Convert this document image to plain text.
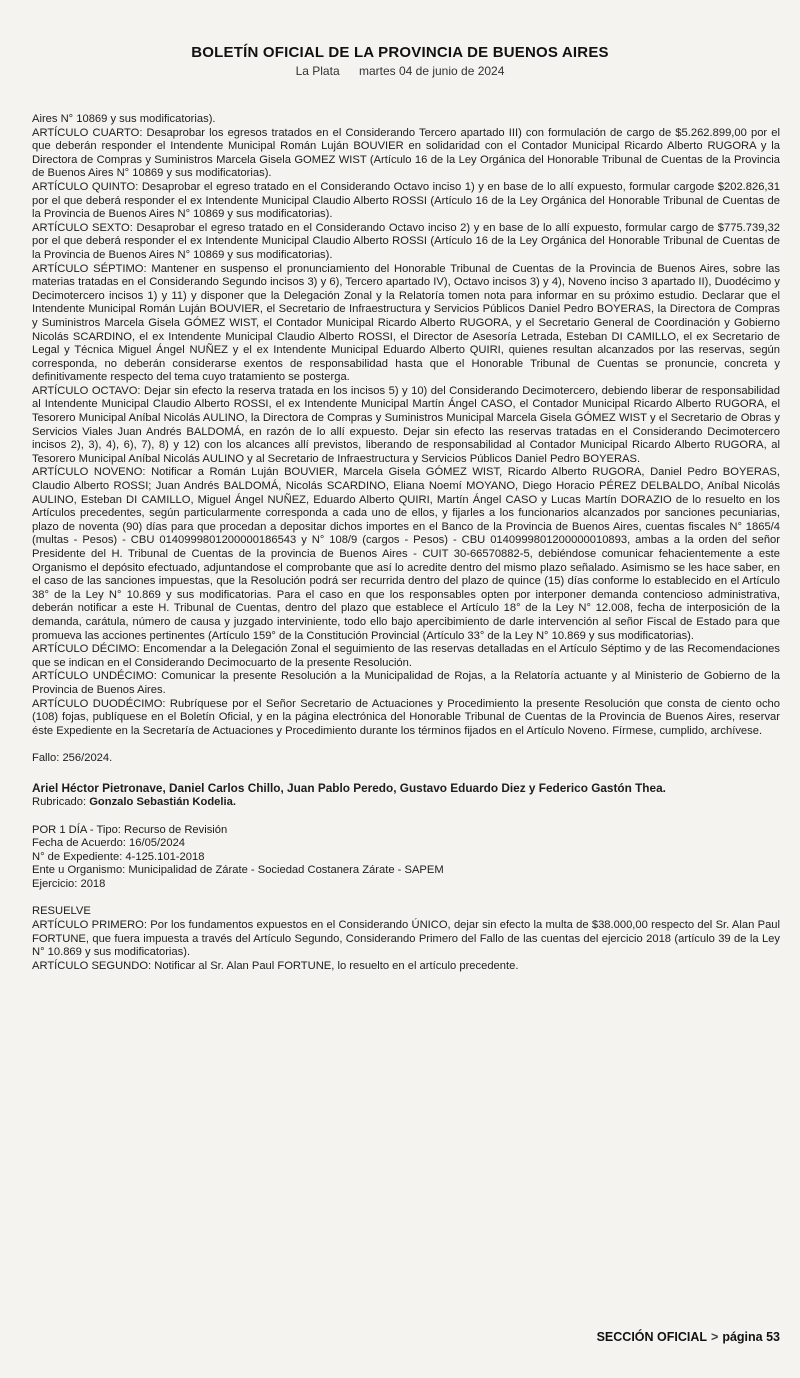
BOLETÍN OFICIAL DE LA PROVINCIA DE BUENOS AIRES
La Plata martes 04 de junio de 2024

Aires N° 10869 y sus modificatorias).

ARTÍCULO CUARTO: Desaprobar los egresos tratados en el Considerando Tercero apartado III) con formulación de cargo de $5.262.899,00 por el que deberán responder el Intendente Municipal Román Luján BOUVIER en solidaridad con el Contador Municipal Ricardo Alberto RUGORA y la Directora de Compras y Suministros Marcela Gisela GOMEZ WIST (Artículo 16 de la Ley Orgánica del Honorable Tribunal de Cuentas de la Provincia de Buenos Aires N° 10869 y sus modificatorias).

ARTÍCULO QUINTO: Desaprobar el egreso tratado en el Considerando Octavo inciso 1) y en base de lo allí expuesto, formular cargode $202.826,31 por el que deberá responder el ex Intendente Municipal Claudio Alberto ROSSI (Artículo 16 de la Ley Orgánica del Honorable Tribunal de Cuentas de la Provincia de Buenos Aires N° 10869 y sus modificatorias).

ARTÍCULO SEXTO: Desaprobar el egreso tratado en el Considerando Octavo inciso 2) y en base de lo allí expuesto, formular cargo de $775.739,32 por el que deberá responder el ex Intendente Municipal Claudio Alberto ROSSI (Artículo 16 de la Ley Orgánica del Honorable Tribunal de Cuentas de la Provincia de Buenos Aires N° 10869 y sus modificatorias).

ARTÍCULO SÉPTIMO: Mantener en suspenso el pronunciamiento del Honorable Tribunal de Cuentas de la Provincia de Buenos Aires, sobre las materias tratadas en el Considerando Segundo incisos 3) y 6), Tercero apartado IV), Octavo incisos 3) y 4), Noveno inciso 3 apartado II), Duodécimo y Decimotercero incisos 1) y 11) y disponer que la Delegación Zonal y la Relatoría tomen nota para informar en su próximo estudio. Declarar que el Intendente Municipal Román Luján BOUVIER, el Secretario de Infraestructura y Servicios Públicos Daniel Pedro BOYERAS, la Directora de Compras y Suministros Marcela Gisela GÓMEZ WIST, el Contador Municipal Ricardo Alberto RUGORA, y el Secretario General de Coordinación y Gobierno Nicolás SCARDINO, el ex Intendente Municipal Claudio Alberto ROSSI, el Director de Asesoría Letrada, Esteban DI CAMILLO, el ex Secretario de Legal y Técnica Miguel Ángel NUÑEZ y el ex Intendente Municipal Eduardo Alberto QUIRI, quienes resultan alcanzados por las reservas, según corresponda, no deberán considerarse exentos de responsabilidad hasta que el Honorable Tribunal de Cuentas se pronuncie, concreta y definitivamente respecto del tema cuyo tratamiento se posterga.

ARTÍCULO OCTAVO: Dejar sin efecto la reserva tratada en los incisos 5) y 10) del Considerando Decimotercero, debiendo liberar de responsabilidad al Intendente Municipal Claudio Alberto ROSSI, el ex Intendente Municipal Martín Ángel CASO, el Contador Municipal Ricardo Alberto RUGORA, el Tesorero Municipal Aníbal Nicolás AULINO, la Directora de Compras y Suministros Municipal Marcela Gisela GÓMEZ WIST y el Secretario de Obras y Servicios Viales Juan Andrés BALDOMÁ, en razón de lo allí expuesto. Dejar sin efecto las reservas tratadas en el Considerando Decimotercero incisos 2), 3), 4), 6), 7), 8) y 12) con los alcances allí previstos, liberando de responsabilidad al Contador Municipal Ricardo Alberto RUGORA, al Tesorero Municipal Aníbal Nicolás AULINO y al Secretario de Infraestructura y Servicios Públicos Daniel Pedro BOYERAS.

ARTÍCULO NOVENO: Notificar a Román Luján BOUVIER, Marcela Gisela GÓMEZ WIST, Ricardo Alberto RUGORA, Daniel Pedro BOYERAS, Claudio Alberto ROSSI; Juan Andrés BALDOMÁ, Nicolás SCARDINO, Eliana Noemí MOYANO, Diego Horacio PÉREZ DELBALDO, Aníbal Nicolás AULINO, Esteban DI CAMILLO, Miguel Ángel NUÑEZ, Eduardo Alberto QUIRI, Martín Ángel CASO y Lucas Martín DORAZIO de lo resuelto en los Artículos precedentes, según particularmente corresponda a cada uno de ellos, y fijarles a los funcionarios alcanzados por sanciones pecuniarias, plazo de noventa (90) días para que procedan a depositar dichos importes en el Banco de la Provincia de Buenos Aires, cuentas fiscales N° 1865/4 (multas - Pesos) - CBU 0140999801200000186543 y N° 108/9 (cargos - Pesos) - CBU 0140999801200000010893, ambas a la orden del señor Presidente del H. Tribunal de Cuentas de la provincia de Buenos Aires - CUIT 30-66570882-5, debiéndose comunicar fehacientemente a este Organismo el depósito efectuado, adjuntandose el comprobante que así lo acredite dentro del mismo plazo señalado. Asimismo se les hace saber, en el caso de las sanciones impuestas, que la Resolución podrá ser recurrida dentro del plazo de quince (15) días conforme lo establecido en el Artículo 38° de la Ley N° 10.869 y sus modificatorias. Para el caso en que los responsables opten por interponer demanda contencioso administrativa, deberán notificar a este H. Tribunal de Cuentas, dentro del plazo que establece el Artículo 18° de la Ley N° 12.008, fecha de interposición de la demanda, carátula, número de causa y juzgado interviniente, todo ello bajo apercibimiento de darle intervención al señor Fiscal de Estado para que promueva las acciones pertinentes (Artículo 159° de la Constitución Provincial (Artículo 33° de la Ley N° 10.869 y sus modificatorias).

ARTÍCULO DÉCIMO: Encomendar a la Delegación Zonal el seguimiento de las reservas detalladas en el Artículo Séptimo y de las Recomendaciones que se indican en el Considerando Decimocuarto de la presente Resolución.

ARTÍCULO UNDÉCIMO: Comunicar la presente Resolución a la Municipalidad de Rojas, a la Relatoría actuante y al Ministerio de Gobierno de la Provincia de Buenos Aires.

ARTÍCULO DUODÉCIMO: Rubríquese por el Señor Secretario de Actuaciones y Procedimiento la presente Resolución que consta de ciento ocho (108) fojas, publíquese en el Boletín Oficial, y en la página electrónica del Honorable Tribunal de Cuentas de la Provincia de Buenos Aires, reservar éste Expediente en la Secretaría de Actuaciones y Procedimiento durante los términos fijados en el Artículo Noveno. Fírmese, cumplido, archívese.

Fallo: 256/2024.

Ariel Héctor Pietronave, Daniel Carlos Chillo, Juan Pablo Peredo, Gustavo Eduardo Diez y Federico Gastón Thea.

Rubricado: Gonzalo Sebastián Kodelia.

POR 1 DÍA - Tipo: Recurso de Revisión

Fecha de Acuerdo: 16/05/2024

N° de Expediente: 4-125.101-2018

Ente u Organismo: Municipalidad de Zárate - Sociedad Costanera Zárate - SAPEM

Ejercicio: 2018

RESUELVE

ARTÍCULO PRIMERO: Por los fundamentos expuestos en el Considerando ÚNICO, dejar sin efecto la multa de $38.000,00 respecto del Sr. Alan Paul FORTUNE, que fuera impuesta a través del Artículo Segundo, Considerando Primero del Fallo de las cuentas del ejercicio 2018 (artículo 39 de la Ley N° 10.869 y sus modificatorias).

ARTÍCULO SEGUNDO: Notificar al Sr. Alan Paul FORTUNE, lo resuelto en el artículo precedente.

SECCIÓN OFICIAL > página 53
